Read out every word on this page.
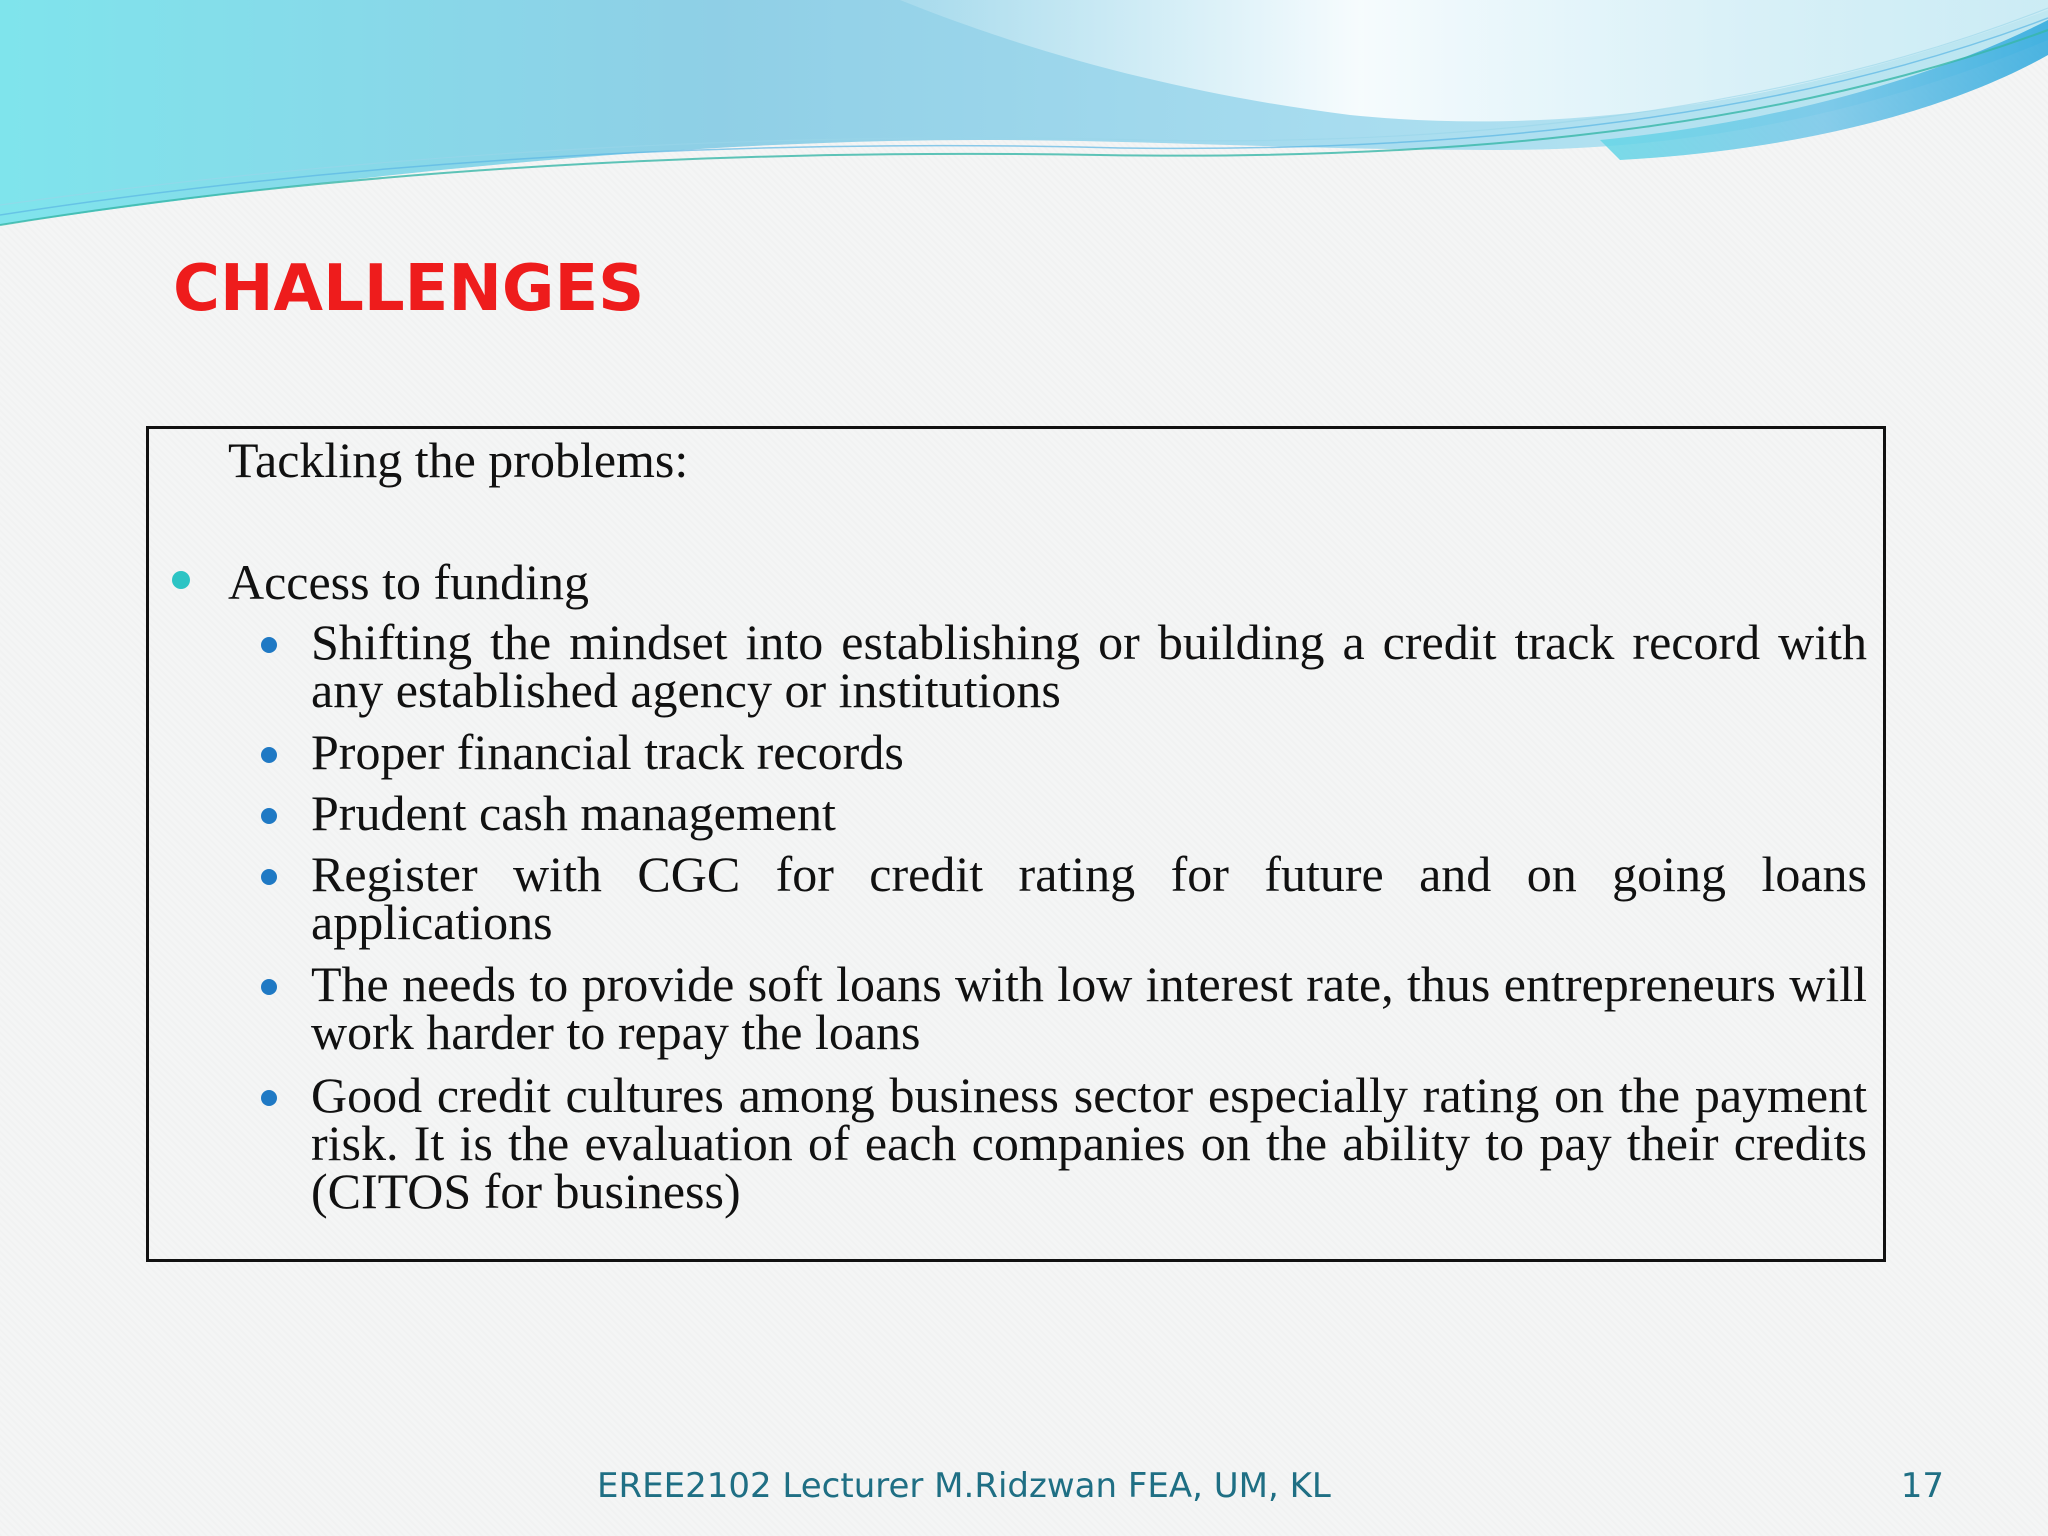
CHALLENGES
Tackling the problems:
Access to funding
Shifting the mindset into establishing or building a credit track record with any established agency or institutions
Proper financial track records
Prudent cash management
Register with CGC for credit rating for future and on going loans applications
The needs to provide soft loans with low interest rate, thus entrepreneurs will work harder to repay the loans
Good credit cultures among business sector especially rating on the payment risk. It is the evaluation of each companies on the ability to pay their credits (CITOS for business)
EREE2102 Lecturer M.Ridzwan FEA, UM, KL	17
